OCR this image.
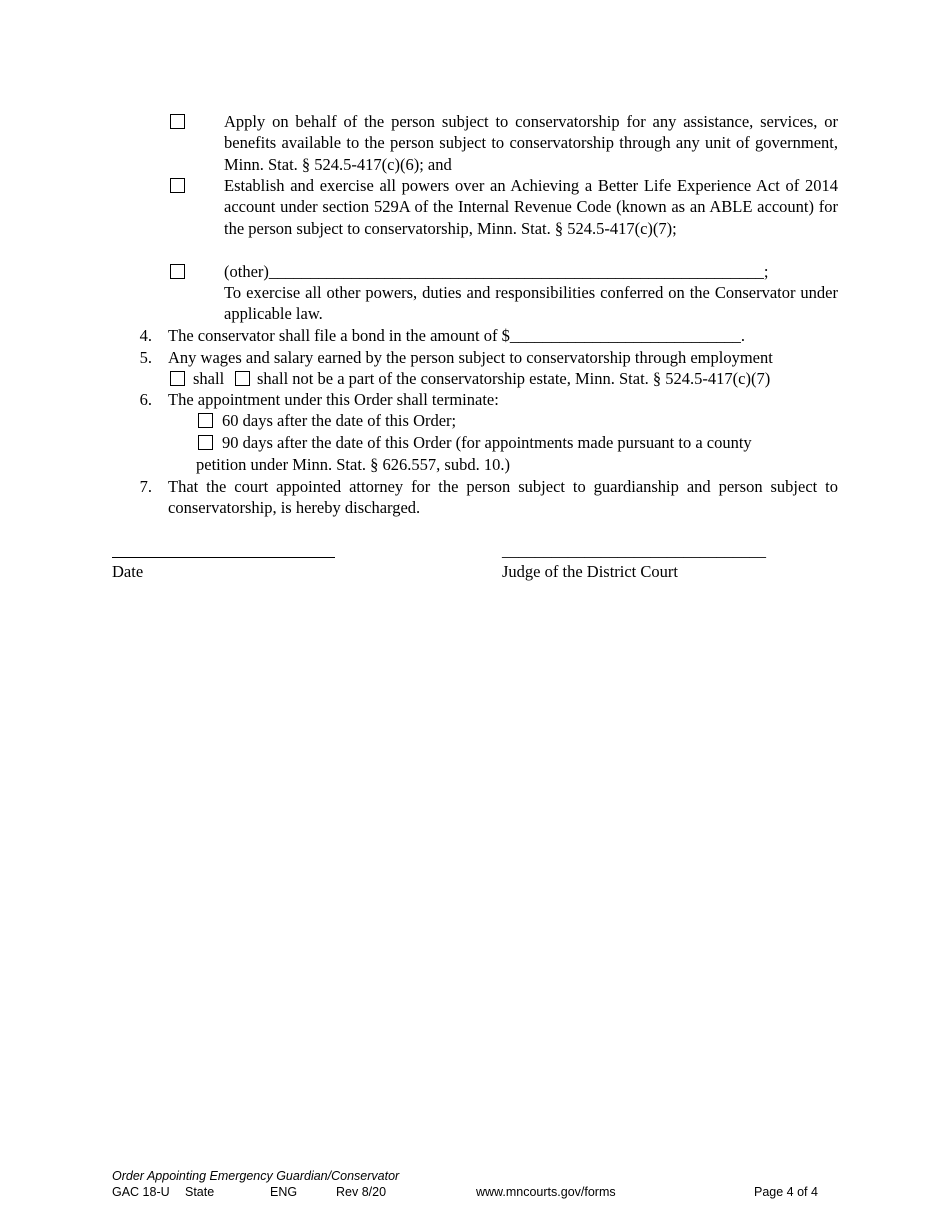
Apply on behalf of the person subject to conservatorship for any assistance, services, or benefits available to the person subject to conservatorship through any unit of government, Minn. Stat. § 524.5-417(c)(6); and
Establish and exercise all powers over an Achieving a Better Life Experience Act of 2014 account under section 529A of the Internal Revenue Code (known as an ABLE account) for the person subject to conservatorship, Minn. Stat. § 524.5-417(c)(7);
(other)____________________________________________________________;
To exercise all other powers, duties and responsibilities conferred on the Conservator under applicable law.
4. The conservator shall file a bond in the amount of $____________________________.
5. Any wages and salary earned by the person subject to conservatorship through employment
shall shall not be a part of the conservatorship estate, Minn. Stat. § 524.5-417(c)(7)
6. The appointment under this Order shall terminate:
60 days after the date of this Order;
90 days after the date of this Order (for appointments made pursuant to a county
petition under Minn. Stat. § 626.557, subd. 10.)
7. That the court appointed attorney for the person subject to guardianship and person subject to conservatorship, is hereby discharged.
Date
________________________________
Judge of the District Court
Order Appointing Emergency Guardian/Conservator
GAC 18-U State	ENG	Rev 8/20	www.mncourts.gov/forms	Page 4 of 4
